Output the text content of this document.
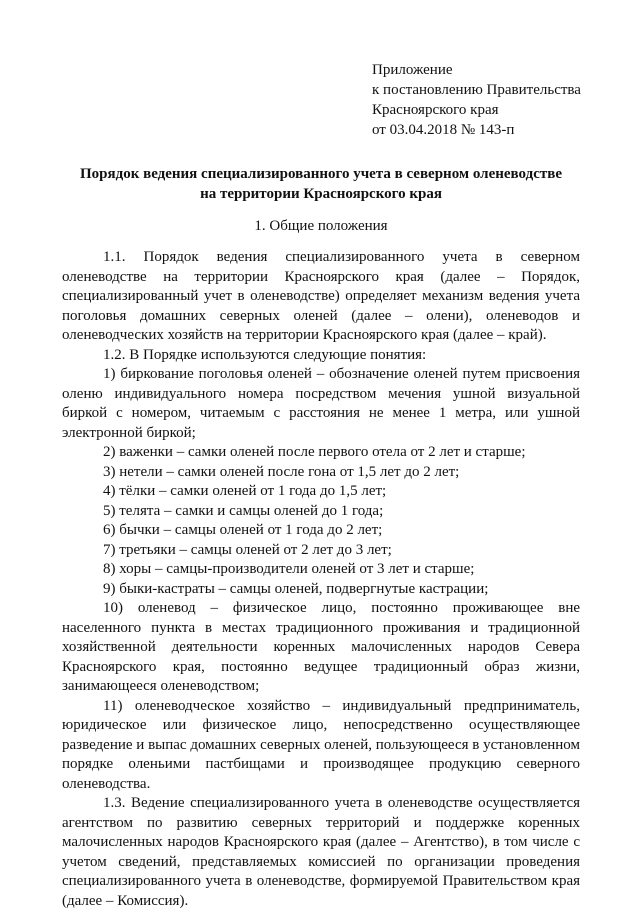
Приложение
к постановлению Правительства
Красноярского края
от 03.04.2018 № 143-п
Порядок ведения специализированного учета в северном оленеводстве
на территории Красноярского края
1. Общие положения

1.1. Порядок ведения специализированного учета в северном оленеводстве на территории Красноярского края (далее – Порядок, специализированный учет в оленеводстве) определяет механизм ведения учета поголовья домашних северных оленей (далее – олени), оленеводов и оленеводческих хозяйств на территории Красноярского края (далее – край).

1.2. В Порядке используются следующие понятия:

1) биркование поголовья оленей – обозначение оленей путем присвоения оленю индивидуального номера посредством мечения ушной визуальной биркой с номером, читаемым с расстояния не менее 1 метра, или ушной электронной биркой;

2) важенки – самки оленей после первого отела от 2 лет и старше;

3) нетели – самки оленей после гона от 1,5 лет до 2 лет;

4) тёлки – самки оленей от 1 года до 1,5 лет;

5) телята – самки и самцы оленей до 1 года;

6) бычки – самцы оленей от 1 года до 2 лет;

7) третьяки – самцы оленей от 2 лет до 3 лет;

8) хоры – самцы-производители оленей от 3 лет и старше;

9) быки-кастраты – самцы оленей, подвергнутые кастрации;

10) оленевод – физическое лицо, постоянно проживающее вне населенного пункта в местах традиционного проживания и традиционной хозяйственной деятельности коренных малочисленных народов Севера Красноярского края, постоянно ведущее традиционный образ жизни, занимающееся оленеводством;

11) оленеводческое хозяйство – индивидуальный предприниматель, юридическое или физическое лицо, непосредственно осуществляющее разведение и выпас домашних северных оленей, пользующееся в установленном порядке оленьими пастбищами и производящее продукцию северного оленеводства.

1.3. Ведение специализированного учета в оленеводстве осуществляется агентством по развитию северных территорий и поддержке коренных малочисленных народов Красноярского края (далее – Агентство), в том числе с учетом сведений, представляемых комиссией по организации проведения специализированного учета в оленеводстве, формируемой Правительством края (далее – Комиссия).
